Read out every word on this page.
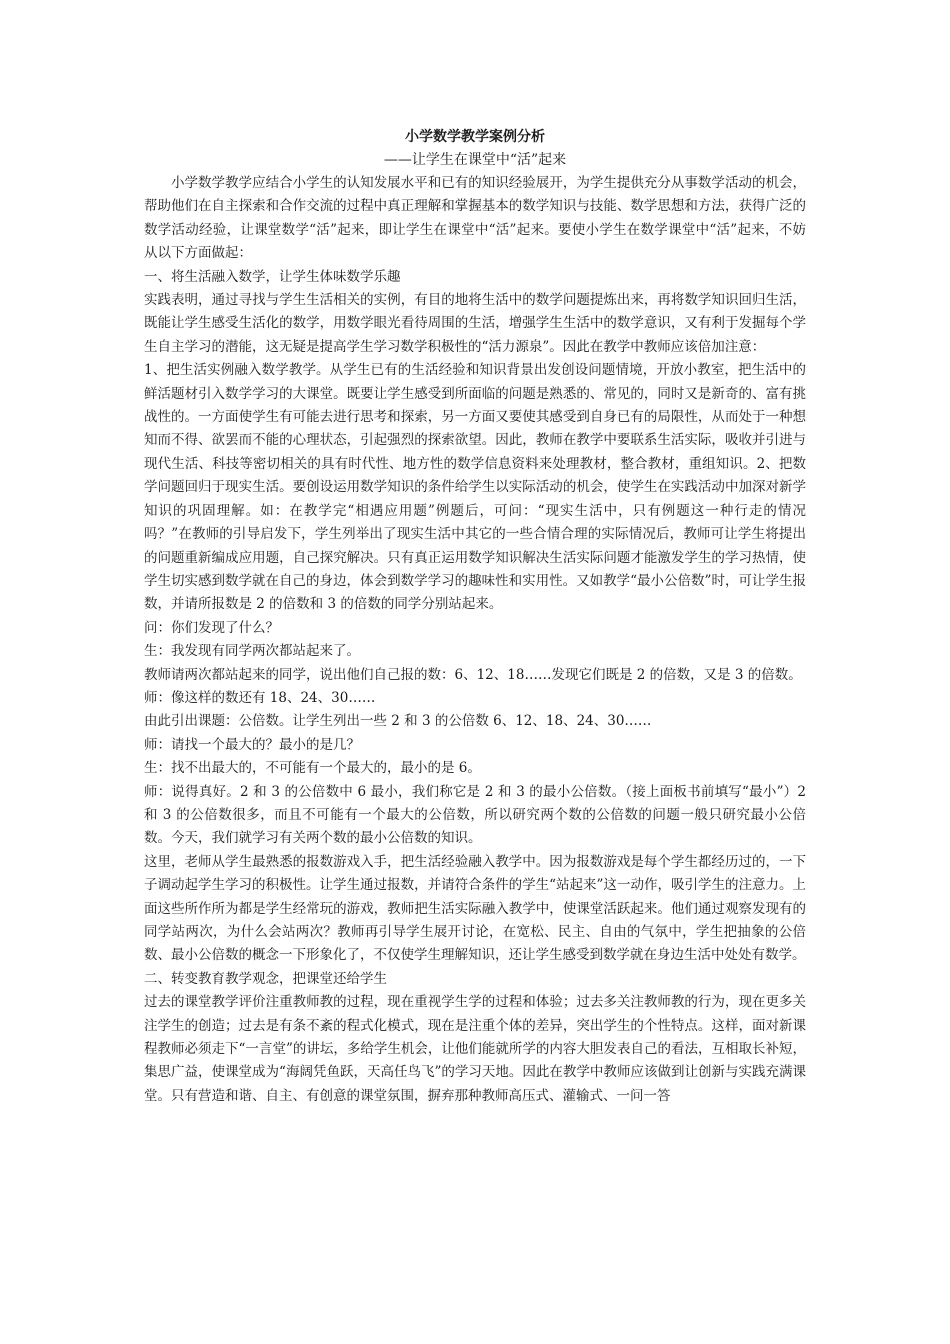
小学数学教学案例分析

——让学生在课堂中“活”起来

小学数学教学应结合小学生的认知发展水平和已有的知识经验展开，为学生提供充分从事数学活动的机会，帮助他们在自主探索和合作交流的过程中真正理解和掌握基本的数学知识与技能、数学思想和方法，获得广泛的数学活动经验，让课堂数学“活”起来，即让学生在课堂中“活”起来。要使小学生在数学课堂中“活”起来，不妨从以下方面做起：

一、将生活融入数学，让学生体味数学乐趣

实践表明，通过寻找与学生生活相关的实例，有目的地将生活中的数学问题提炼出来，再将数学知识回归生活，既能让学生感受生活化的数学，用数学眼光看待周围的生活，增强学生生活中的数学意识，又有利于发掘每个学生自主学习的潜能，这无疑是提高学生学习数学积极性的“活力源泉”。因此在教学中教师应该倍加注意：

1、把生活实例融入数学教学。从学生已有的生活经验和知识背景出发创设问题情境，开放小教室，把生活中的鲜活题材引入数学学习的大课堂。既要让学生感受到所面临的问题是熟悉的、常见的，同时又是新奇的、富有挑战性的。一方面使学生有可能去进行思考和探索，另一方面又要使其感受到自身已有的局限性，从而处于一种想知而不得、欲罢而不能的心理状态，引起强烈的探索欲望。因此，教师在教学中要联系生活实际，吸收并引进与现代生活、科技等密切相关的具有时代性、地方性的数学信息资料来处理教材，整合教材，重组知识。2、把数学问题回归于现实生活。要创设运用数学知识的条件给学生以实际活动的机会，使学生在实践活动中加深对新学知识的巩固理解。如：在教学完“相遇应用题”例题后，可问：“现实生活中，只有例题这一种行走的情况吗？”在教师的引导启发下，学生列举出了现实生活中其它的一些合情合理的实际情况后，教师可让学生将提出的问题重新编成应用题，自己探究解决。只有真正运用数学知识解决生活实际问题才能激发学生的学习热情，使学生切实感到数学就在自己的身边，体会到数学学习的趣味性和实用性。又如教学“最小公倍数”时，可让学生报数，并请所报数是 2 的倍数和 3 的倍数的同学分别站起来。

问：你们发现了什么？

生：我发现有同学两次都站起来了。

教师请两次都站起来的同学，说出他们自己报的数：6、12、18……发现它们既是 2 的倍数，又是 3 的倍数。

师：像这样的数还有 18、24、30……

由此引出课题：公倍数。让学生列出一些 2 和 3 的公倍数 6、12、18、24、30……

师：请找一个最大的？最小的是几？

生：找不出最大的，不可能有一个最大的，最小的是 6。

师：说得真好。2 和 3 的公倍数中 6 最小，我们称它是 2 和 3 的最小公倍数。（接上面板书前填写“最小”）2 和 3 的公倍数很多，而且不可能有一个最大的公倍数，所以研究两个数的公倍数的问题一般只研究最小公倍数。今天，我们就学习有关两个数的最小公倍数的知识。

这里，老师从学生最熟悉的报数游戏入手，把生活经验融入教学中。因为报数游戏是每个学生都经历过的，一下子调动起学生学习的积极性。让学生通过报数，并请符合条件的学生“站起来”这一动作，吸引学生的注意力。上面这些所作所为都是学生经常玩的游戏，教师把生活实际融入教学中，使课堂活跃起来。他们通过观察发现有的同学站两次，为什么会站两次？教师再引导学生展开讨论，在宽松、民主、自由的气氛中，学生把抽象的公倍数、最小公倍数的概念一下形象化了，不仅使学生理解知识，还让学生感受到数学就在身边生活中处处有数学。

二、转变教育教学观念，把课堂还给学生

过去的课堂教学评价注重教师教的过程，现在重视学生学的过程和体验；过去多关注教师教的行为，现在更多关注学生的创造；过去是有条不紊的程式化模式，现在是注重个体的差异，突出学生的个性特点。这样，面对新课程教师必须走下“一言堂”的讲坛，多给学生机会，让他们能就所学的内容大胆发表自己的看法，互相取长补短，集思广益，使课堂成为“海阔凭鱼跃，天高任鸟飞”的学习天地。因此在教学中教师应该做到让创新与实践充满课堂。只有营造和谐、自主、有创意的课堂氛围，摒弃那种教师高压式、灌输式、一问一答
